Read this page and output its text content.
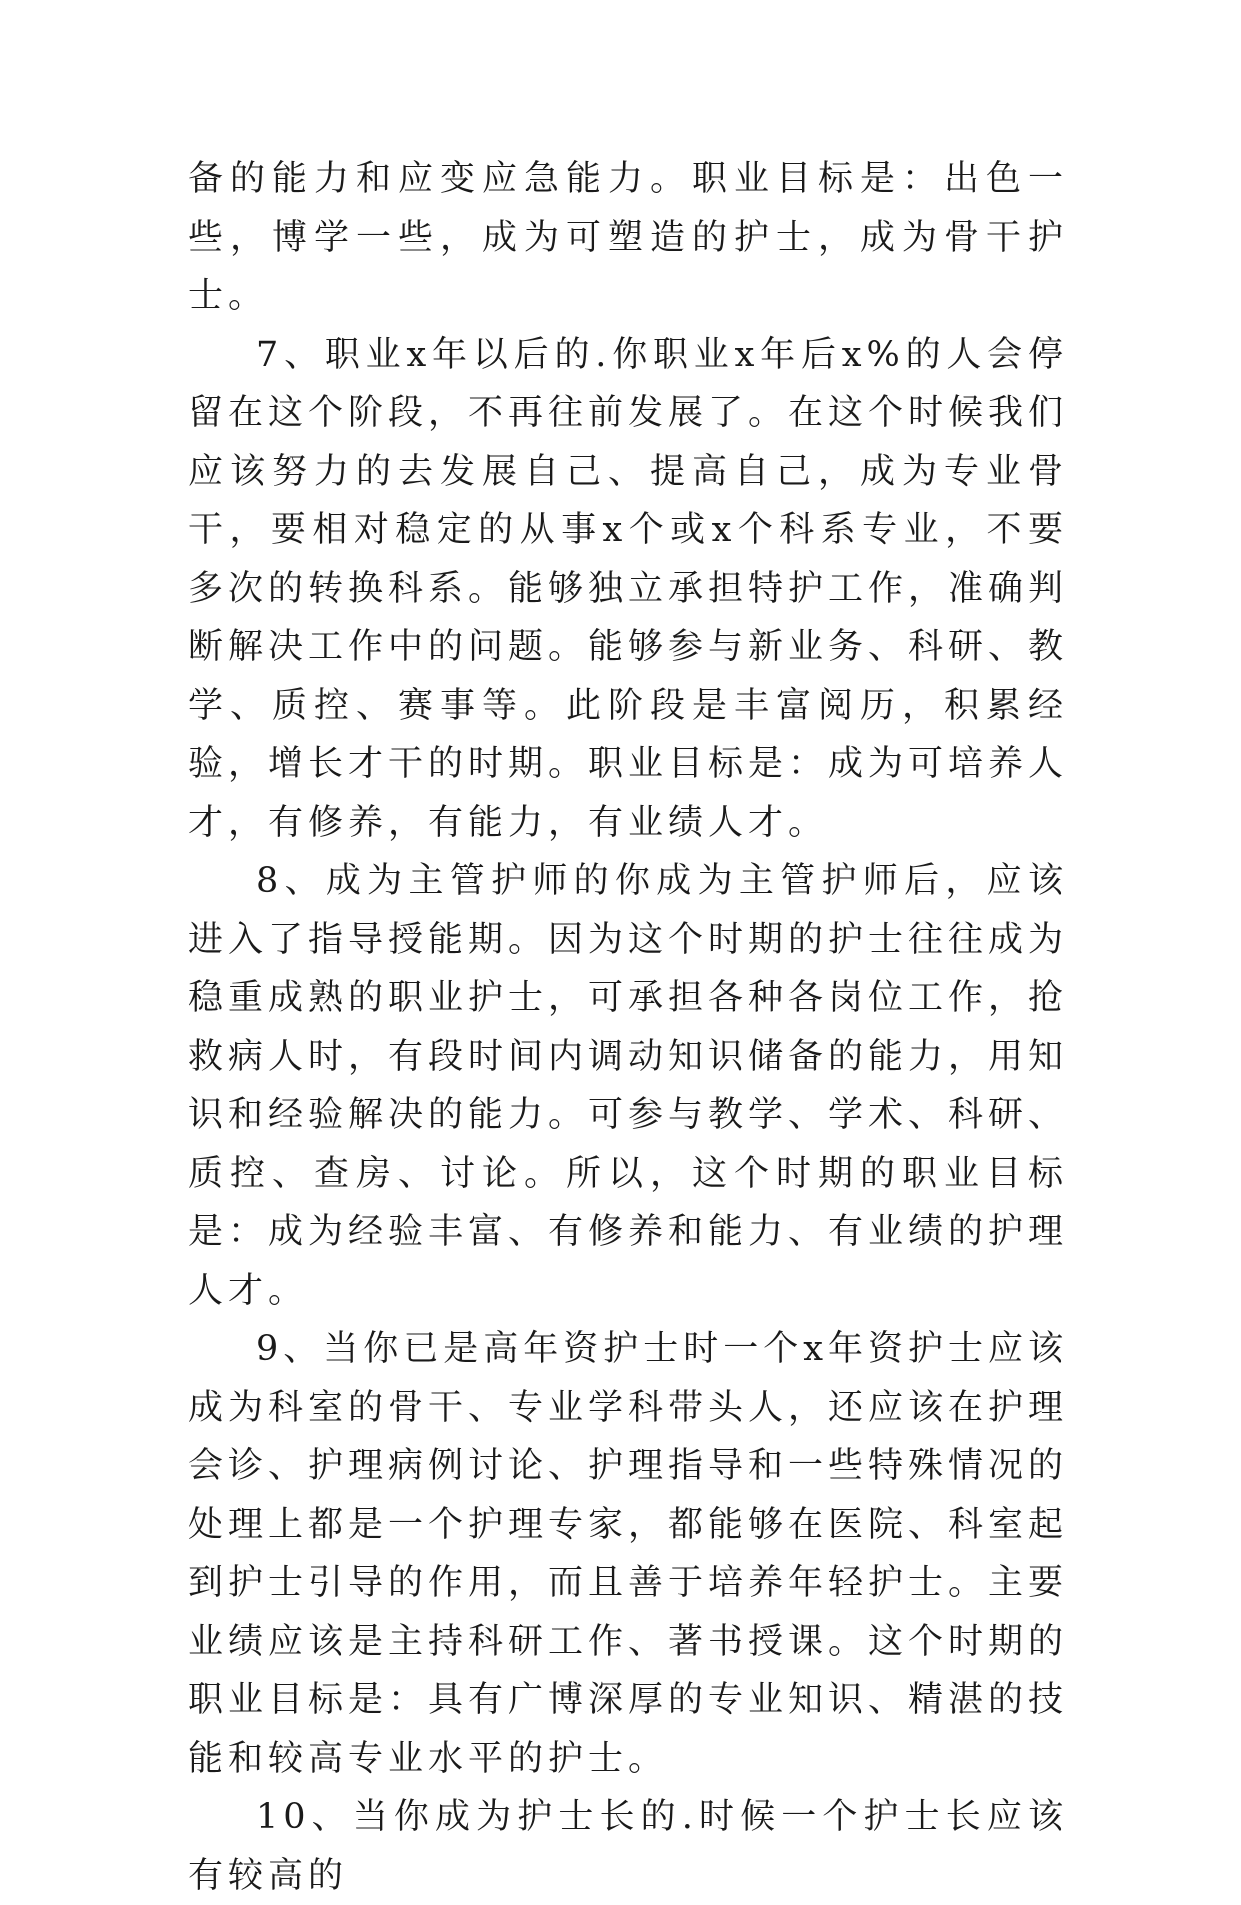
备的能力和应变应急能力。职业目标是：出色一些，博学一些，成为可塑造的护士，成为骨干护士。

7、职业x年以后的.你职业x年后x%的人会停留在这个阶段，不再往前发展了。在这个时候我们应该努力的去发展自己、提高自己，成为专业骨干，要相对稳定的从事x个或x个科系专业，不要多次的转换科系。能够独立承担特护工作，准确判断解决工作中的问题。能够参与新业务、科研、教学、质控、赛事等。此阶段是丰富阅历，积累经验，增长才干的时期。职业目标是：成为可培养人才，有修养，有能力，有业绩人才。

8、成为主管护师的你成为主管护师后，应该进入了指导授能期。因为这个时期的护士往往成为稳重成熟的职业护士，可承担各种各岗位工作，抢救病人时，有段时间内调动知识储备的能力，用知识和经验解决的能力。可参与教学、学术、科研、质控、查房、讨论。所以，这个时期的职业目标是：成为经验丰富、有修养和能力、有业绩的护理人才。

9、当你已是高年资护士时一个x年资护士应该成为科室的骨干、专业学科带头人，还应该在护理会诊、护理病例讨论、护理指导和一些特殊情况的处理上都是一个护理专家，都能够在医院、科室起到护士引导的作用，而且善于培养年轻护士。主要业绩应该是主持科研工作、著书授课。这个时期的职业目标是：具有广博深厚的专业知识、精湛的技能和较高专业水平的护士。

10、当你成为护士长的.时候一个护士长应该有较高的
